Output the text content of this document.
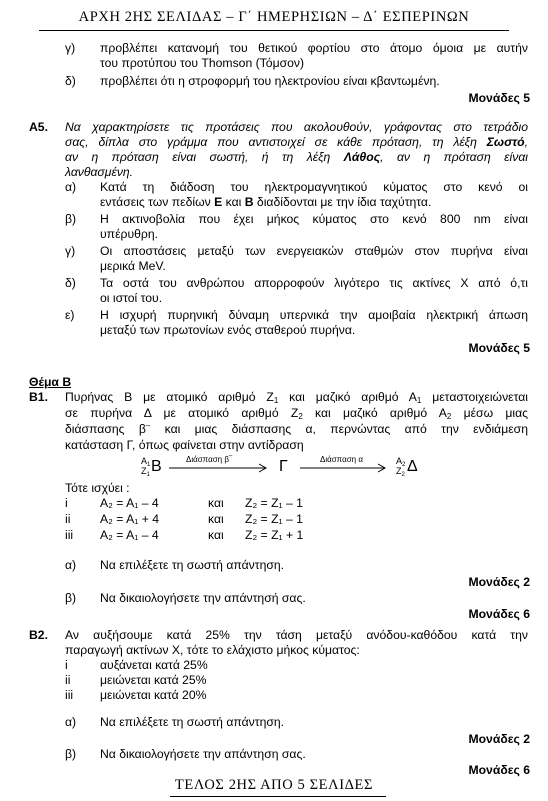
ΑΡΧΗ 2ΗΣ ΣΕΛΙΔΑΣ – Γ΄ ΗΜΕΡΗΣΙΩΝ – Δ΄ ΕΣΠΕΡΙΝΩΝ
γ) προβλέπει κατανομή του θετικού φορτίου στο άτομο όμοια με αυτήν
του προτύπου του Thomson (Τόμσον)
δ) προβλέπει ότι η στροφορμή του ηλεκτρονίου είναι κβαντωμένη.
Μονάδες 5
Α5. Να χαρακτηρίσετε τις προτάσεις που ακολουθούν, γράφοντας στο τετράδιο
σας, δίπλα στο γράμμα που αντιστοιχεί σε κάθε πρόταση, τη λέξη Σωστό,
αν η πρόταση είναι σωστή, ή τη λέξη Λάθος, αν η πρόταση είναι
λανθασμένη.
α) Κατά τη διάδοση του ηλεκτρομαγνητικού κύματος στο κενό οι
εντάσεις των πεδίων E και B διαδίδονται με την ίδια ταχύτητα.
β) Η ακτινοβολία που έχει μήκος κύματος στο κενό 800 nm είναι
υπέρυθρη.
γ) Οι αποστάσεις μεταξύ των ενεργειακών σταθμών στον πυρήνα είναι
μερικά MeV.
δ) Τα οστά του ανθρώπου απορροφούν λιγότερο τις ακτίνες Χ από ό,τι
οι ιστοί του.
ε) Η ισχυρή πυρηνική δύναμη υπερνικά την αμοιβαία ηλεκτρική άπωση
μεταξύ των πρωτονίων ενός σταθερού πυρήνα.
Μονάδες 5
Θέμα Β
Β1. Πυρήνας Β με ατομικό αριθμό $Z_1$ και μαζικό αριθμό $A_1$ μεταστοιχειώνεται
σε πυρήνα Δ με ατομικό αριθμό $Z_2$ και μαζικό αριθμό $A_2$ μέσω μιας
διάσπασης β– και μιας διάσπασης α, περνώντας από την ενδιάμεση
κατάσταση Γ, όπως φαίνεται στην αντίδραση
$A_1$
$Z_1$ Β	Διάσπαση β–
Γ	Διάσπαση α	$A_2$
$Z_2$ Δ
Τότε ισχύει :
i	A₂ = A₁ – 4	και Z₂ = Z₁ – 1
ii A₂ = A₁ + 4	και Z₂ = Z₁ – 1
iii A₂ = A₁ – 4	και Z₂ = Z₁ + 1
α) Να επιλέξετε τη σωστή απάντηση.
Μονάδες 2
β) Να δικαιολογήσετε την απάντησή σας.
Μονάδες 6
Β2. Αν αυξήσουμε κατά 25% την τάση μεταξύ ανόδου-καθόδου κατά την
παραγωγή ακτίνων Χ, τότε το ελάχιστο μήκος κύματος:
i	αυξάνεται κατά 25%
ii μειώνεται κατά 25%
iii μειώνεται κατά 20%
α) Να επιλέξετε τη σωστή απάντηση.
Μονάδες 2
β) Να δικαιολογήσετε την απάντηση σας.
Μονάδες 6
ΤΕΛΟΣ 2ΗΣ ΑΠΟ 5 ΣΕΛΙΔΕΣ
